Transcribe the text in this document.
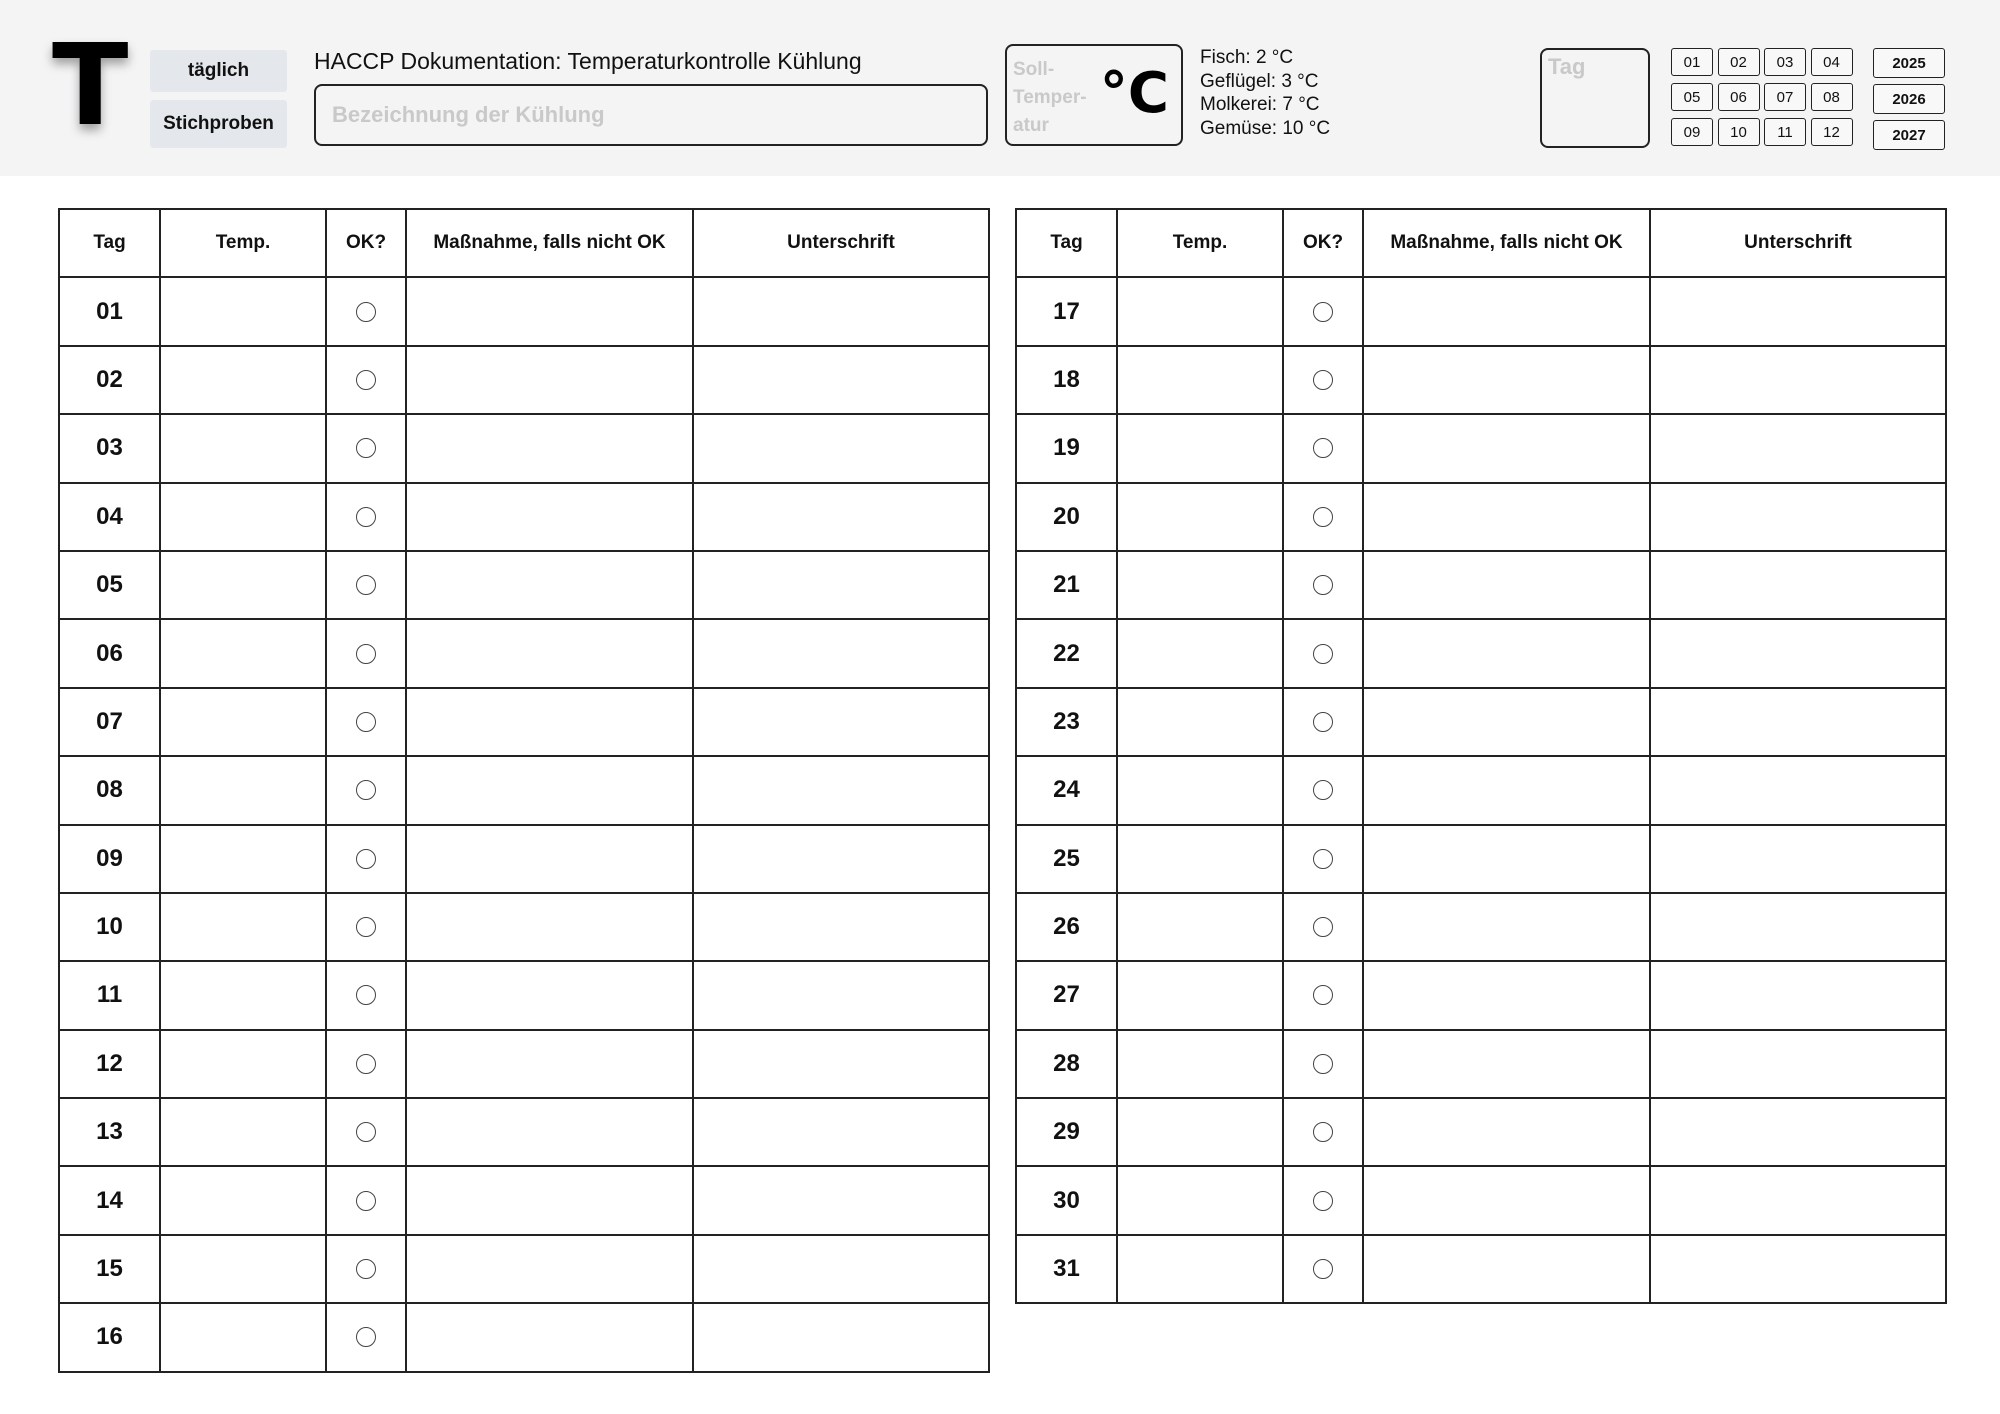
T	täglich
Stichproben
HACCP Dokumentation: Temperaturkontrolle Kühlung
Bezeichnung der Kühlung
Soll-
Temper-
atur °C
Fisch: 2 °C
Geflügel: 3 °C
Molkerei: 7 °C
Gemüse: 10 °C
Tag	01	02	03	04
05	06	07	08
09	10	11	12
2025
2026
2027
Tag	Temp.	OK?	Maßnahme, falls nicht OK	Unterschrift
01				
02				
03				
04				
05				
06				
07				
08				
09				
10				
11				
12				
13				
14				
15				
16				
Tag	Temp.	OK?	Maßnahme, falls nicht OK	Unterschrift
17				
18				
19				
20				
21				
22				
23				
24				
25				
26				
27				
28				
29				
30				
31				
